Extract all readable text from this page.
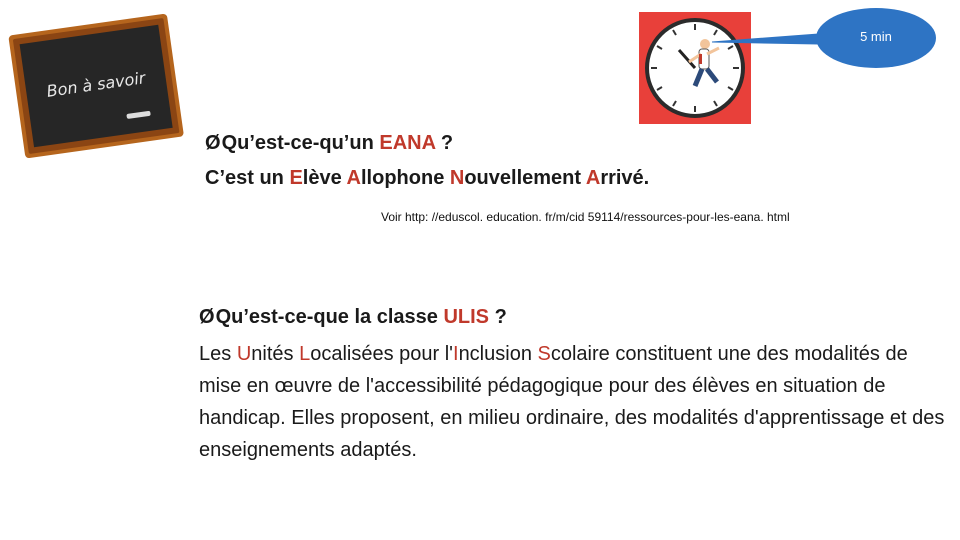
Bon à savoir
5 min
ØQu’est-ce-qu’un EANA ?
C’est un Elève Allophone Nouvellement Arrivé.
Voir http: //eduscol. education. fr/m/cid 59114/ressources-pour-les-eana. html
ØQu’est-ce-que la classe ULIS ?
Les Unités Localisées pour l'Inclusion Scolaire constituent une des modalités de mise en œuvre de l'accessibilité pédagogique pour des élèves en situation de handicap. Elles proposent, en milieu ordinaire, des modalités d'apprentissage et des enseignements adaptés.
